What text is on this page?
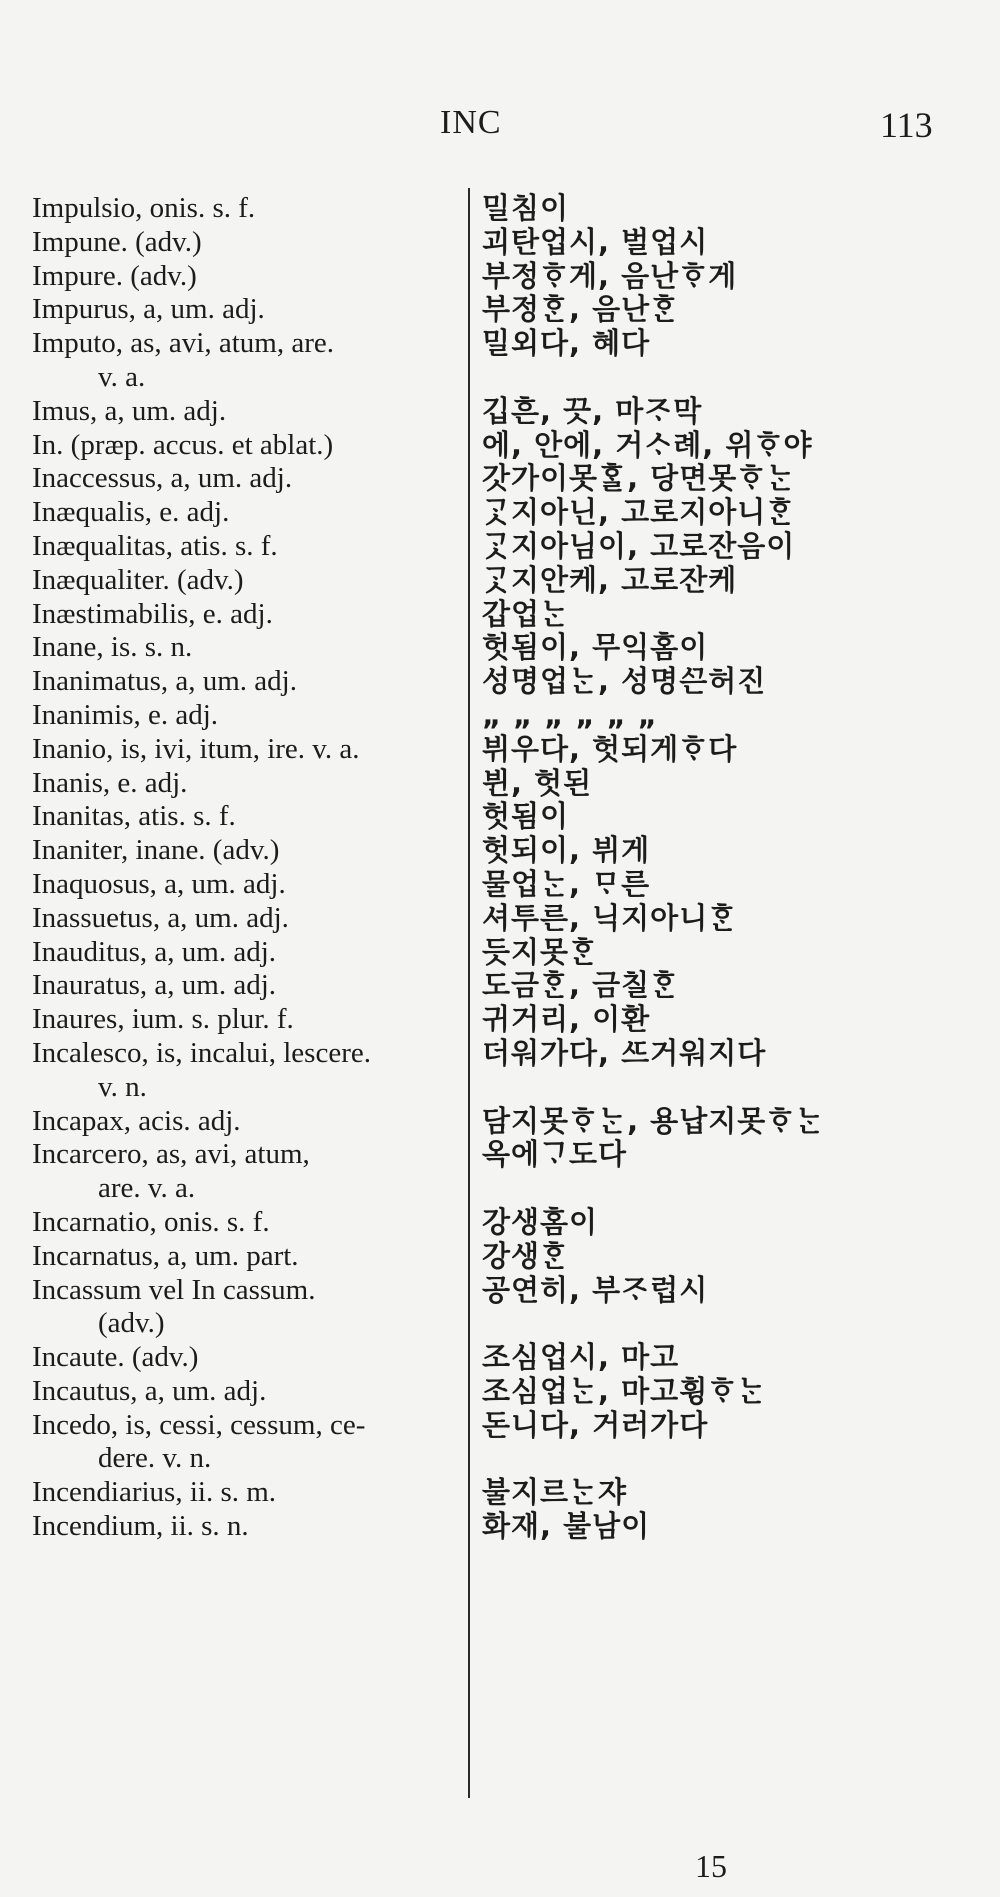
INC	113
Impulsio, onis. s. f.	밀침이
Impune. (adv.)	괴탄업시, 벌업시
Impure. (adv.)	부정ᄒᆞ게, 음난ᄒᆞ게
Impurus, a, um. adj.	부정ᄒᆞᆫ, 음난ᄒᆞᆫ
Imputo, as, avi, atum, are.	밀외다, 혜다
v. a.
Imus, a, um. adj.	깁흔, 끗, 마ᄌᆞ막
In. (præp. accus. et ablat.)	에, 안에, 거ᄉᆞ례, 위ᄒᆞ야
Inaccessus, a, um. adj.	갓가이못ᄒᆞᆯ, 당면못ᄒᆞᄂᆞᆫ
Inæqualis, e. adj.	ᄀᆞᆺ지아닌, 고로지아니ᄒᆞᆫ
Inæqualitas, atis. s. f.	ᄀᆞᆺ지아님이, 고로잔음이
Inæqualiter. (adv.)	ᄀᆞᆺ지안케, 고로잔케
Inæstimabilis, e. adj.	갑업ᄂᆞᆫ
Inane, is. s. n.	헛됨이, 무익홈이
Inanimatus, a, um. adj.	성명업ᄂᆞᆫ, 성명ᄭᅳᆫ허진
Inanimis, e. adj.	„ „ „ „ „ „
Inanio, is, ivi, itum, ire. v. a.	뷔우다, 헛되게ᄒᆞ다
Inanis, e. adj.	뷘, 헛된
Inanitas, atis. s. f.	헛됨이
Inaniter, inane. (adv.)	헛되이, 뷔게
Inaquosus, a, um. adj.	물업ᄂᆞᆫ, ᄆᆞ른
Inassuetus, a, um. adj.	셔투른, 닉지아니ᄒᆞᆫ
Inauditus, a, um. adj.	듯지못ᄒᆞᆫ
Inauratus, a, um. adj.	도금ᄒᆞᆫ, 금칠ᄒᆞᆫ
Inaures, ium. s. plur. f.	귀거리, 이환
Incalesco, is, incalui, lescere.	더워가다, ᄯᅳ거워지다
v. n.
Incapax, acis. adj.	담지못ᄒᆞᄂᆞᆫ, 용납지못ᄒᆞᄂᆞᆫ
Incarcero, as, avi, atum,	옥에ᄀᆞ도다
are. v. a.
Incarnatio, onis. s. f.	강생홈이
Incarnatus, a, um. part.	강생ᄒᆞᆫ
Incassum vel In cassum.	공연히, 부ᄌᆞ럽시
(adv.)
Incaute. (adv.)	조심업시, 마고
Incautus, a, um. adj.	조심업ᄂᆞᆫ, 마고휭ᄒᆞᄂᆞᆫ
Incedo, is, cessi, cessum, ce-	돈니다, 거러가다
dere. v. n.
Incendiarius, ii. s. m.	불지르ᄂᆞᆫ쟈
Incendium, ii. s. n.	화재, 불남이
15
